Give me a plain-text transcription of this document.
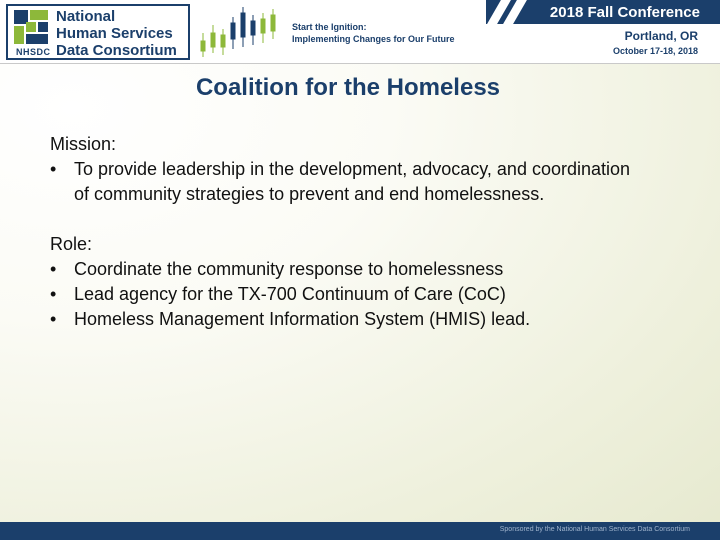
NHSDC
National
Human Services
Data Consortium
Start the Ignition:
Implementing Changes for Our Future
2018 Fall Conference
Portland, OR
October 17-18, 2018
Coalition for the Homeless
Mission:
• To provide leadership in the development, advocacy, and coordination of community strategies to prevent and end homelessness.
Role:
• Coordinate the community response to homelessness
• Lead agency for the TX-700 Continuum of Care (CoC)
• Homeless Management Information System (HMIS) lead.
Sponsored by the National Human Services Data Consortium
